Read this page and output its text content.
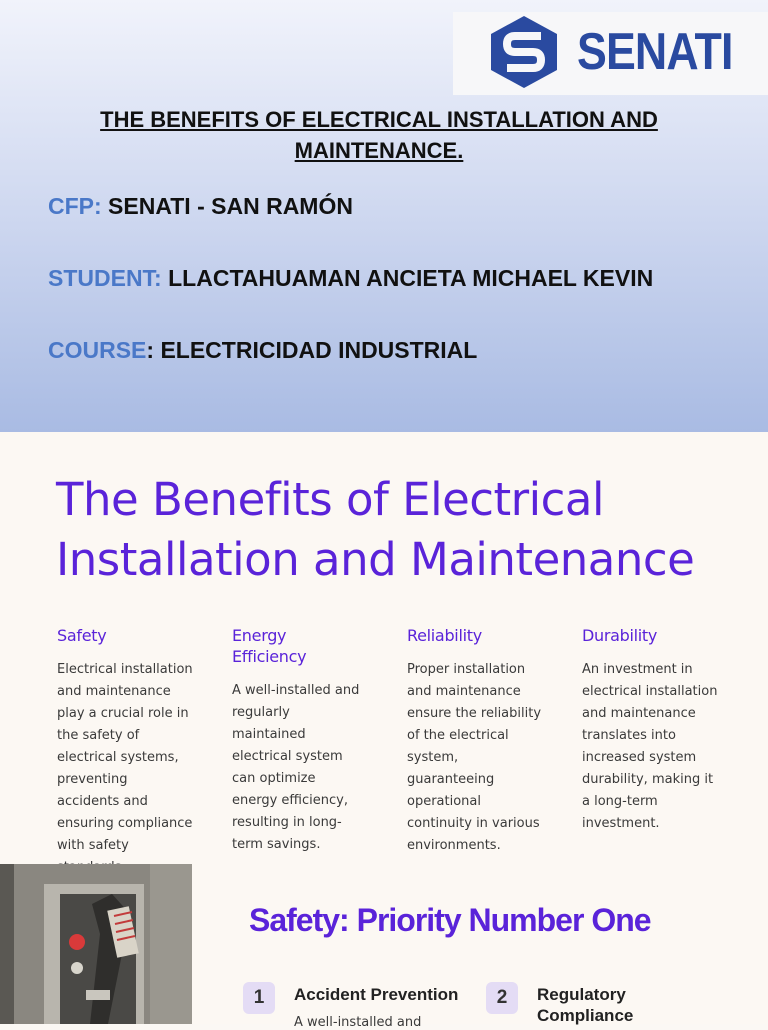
SENATI
THE BENEFITS OF ELECTRICAL INSTALLATION AND MAINTENANCE.
CFP: SENATI - SAN RAMÓN
STUDENT: LLACTAHUAMAN ANCIETA MICHAEL KEVIN
COURSE: ELECTRICIDAD INDUSTRIAL
The Benefits of Electrical Installation and Maintenance
Safety

Electrical installation and maintenance play a crucial role in the safety of electrical systems, preventing accidents and ensuring compliance with safety

Energy Efficiency

A well-installed and regularly maintained electrical system can optimize energy efficiency, resulting in long-term savings.

Reliability

Proper installation and maintenance ensure the reliability of the electrical system, guaranteeing operational continuity in various environments.

Durability

An investment in electrical installation and maintenance translates into increased system durability, making it a long-term investment.

Safety: Priority Number One
1	Accident Prevention
A well-installed and
2	Regulatory Compliance
